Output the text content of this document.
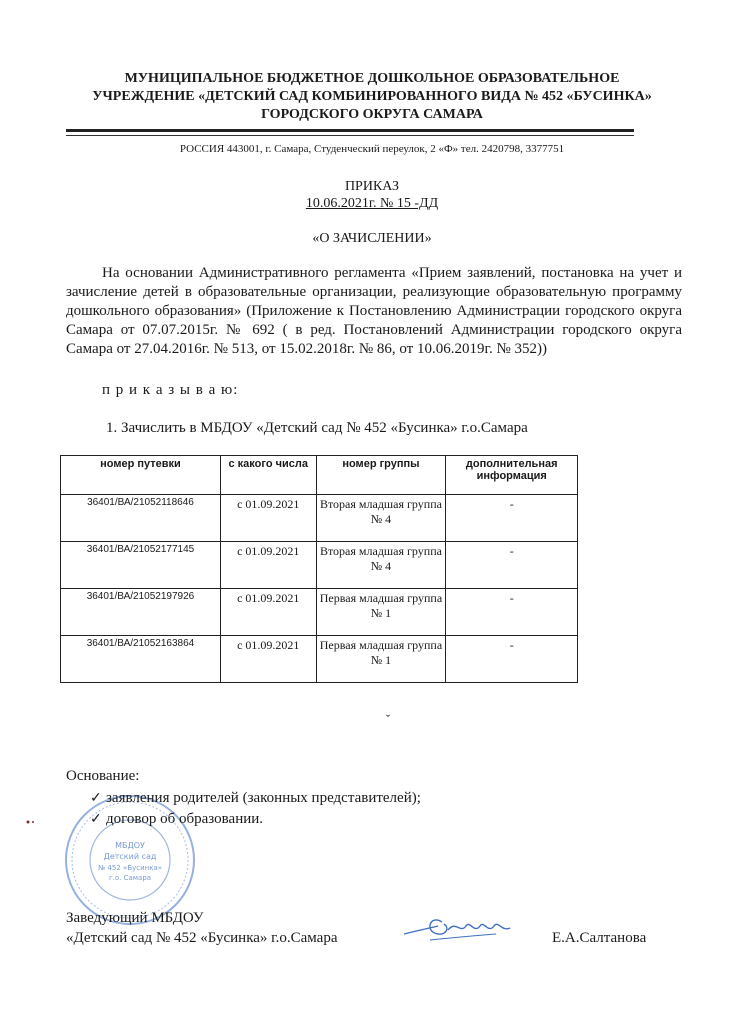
МУНИЦИПАЛЬНОЕ БЮДЖЕТНОЕ ДОШКОЛЬНОЕ ОБРАЗОВАТЕЛЬНОЕ
УЧРЕЖДЕНИЕ «ДЕТСКИЙ САД КОМБИНИРОВАННОГО ВИДА № 452 «БУСИНКА»
ГОРОДСКОГО ОКРУГА САМАРА
РОССИЯ 443001, г. Самара, Студенческий переулок, 2 «Ф» тел. 2420798, 3377751
ПРИКАЗ
10.06.2021г. № 15 -ДД
«О ЗАЧИСЛЕНИИ»
На основании Административного регламента «Прием заявлений, постановка на учет и зачисление детей в образовательные организации, реализующие образовательную программу дошкольного образования» (Приложение к Постановлению Администрации городского округа Самара от 07.07.2015г. № 692 ( в ред. Постановлений Администрации городского округа Самара от 27.04.2016г. № 513, от 15.02.2018г. № 86, от 10.06.2019г. № 352))
п р и к а з ы в а ю:
1. Зачислить в МБДОУ «Детский сад № 452 «Бусинка» г.о.Самара
номер путевки	с какого числа	номер группы	дополнительная информация
36401/ВА/21052118646	с 01.09.2021	Вторая младшая группа № 4	-
36401/ВА/21052177145	с 01.09.2021	Вторая младшая группа № 4	-
36401/ВА/21052197926	с 01.09.2021	Первая младшая группа № 1	-
36401/ВА/21052163864	с 01.09.2021	Первая младшая группа № 1	-
ˇ
МБДОУ
Детский сад
№ 452 «Бусинка»
г.о. Самара
Основание:
✓ заявления родителей (законных представителей);
✓ договор об образовании.
Заведующий МБДОУ
«Детский сад № 452 «Бусинка» г.о.Самара	Е.А.Салтанова
